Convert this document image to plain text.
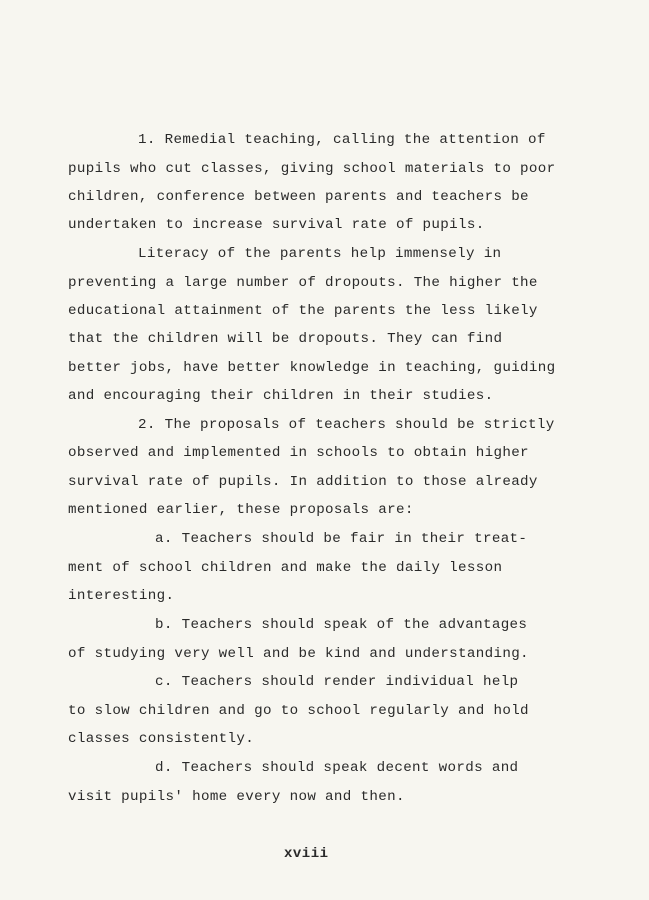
1. Remedial teaching, calling the attention of
pupils who cut classes, giving school materials to poor
children, conference between parents and teachers be
undertaken to increase survival rate of pupils.
Literacy of the parents help immensely in
preventing a large number of dropouts. The higher the
educational attainment of the parents the less likely
that the children will be dropouts. They can find
better jobs, have better knowledge in teaching, guiding
and encouraging their children in their studies.
2. The proposals of teachers should be strictly
observed and implemented in schools to obtain higher
survival rate of pupils. In addition to those already
mentioned earlier, these proposals are:
a. Teachers should be fair in their treat-
ment of school children and make the daily lesson
interesting.
b. Teachers should speak of the advantages
of studying very well and be kind and understanding.
c. Teachers should render individual help
to slow children and go to school regularly and hold
classes consistently.
d. Teachers should speak decent words and
visit pupils' home every now and then.
xviii
